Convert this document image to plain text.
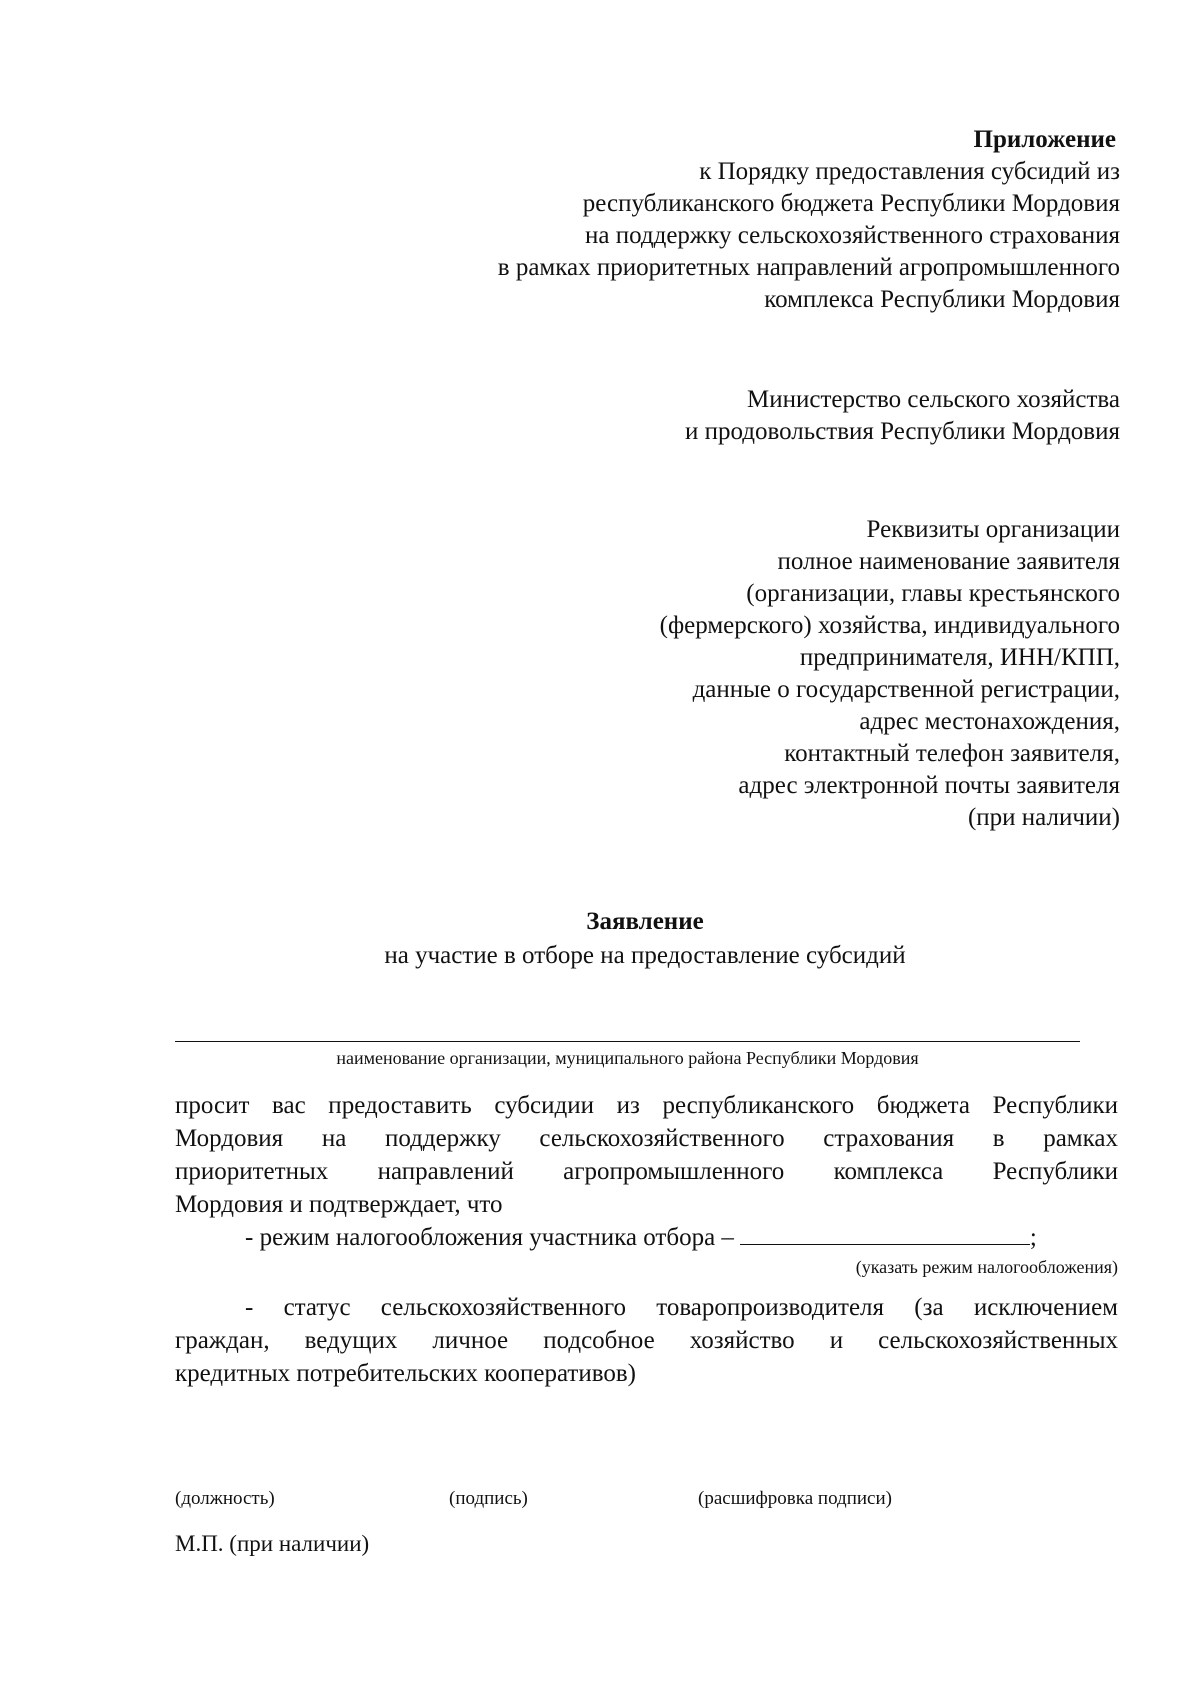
Приложение
к Порядку предоставления субсидий из
республиканского бюджета Республики Мордовия
на поддержку сельскохозяйственного страхования
в рамках приоритетных направлений агропромышленного
комплекса Республики Мордовия
Министерство сельского хозяйства
и продовольствия Республики Мордовия
Реквизиты организации
полное наименование заявителя
(организации, главы крестьянского
(фермерского) хозяйства, индивидуального
предпринимателя, ИНН/КПП,
данные о государственной регистрации,
адрес местонахождения,
контактный телефон заявителя,
адрес электронной почты заявителя
(при наличии)
Заявление
на участие в отборе на предоставление субсидий
наименование организации, муниципального района Республики Мордовия
просит вас предоставить субсидии из республиканского бюджета Республики
Мордовия на поддержку сельскохозяйственного страхования в рамках
приоритетных направлений агропромышленного комплекса Республики
Мордовия и подтверждает, что
- режим налогообложения участника отбора –	;
(указать режим налогообложения)
- статус сельскохозяйственного товаропроизводителя (за исключением
граждан, ведущих личное подсобное хозяйство и сельскохозяйственных
кредитных потребительских кооперативов)
(должность)	(подпись)	(расшифровка подписи)
М.П. (при наличии)
